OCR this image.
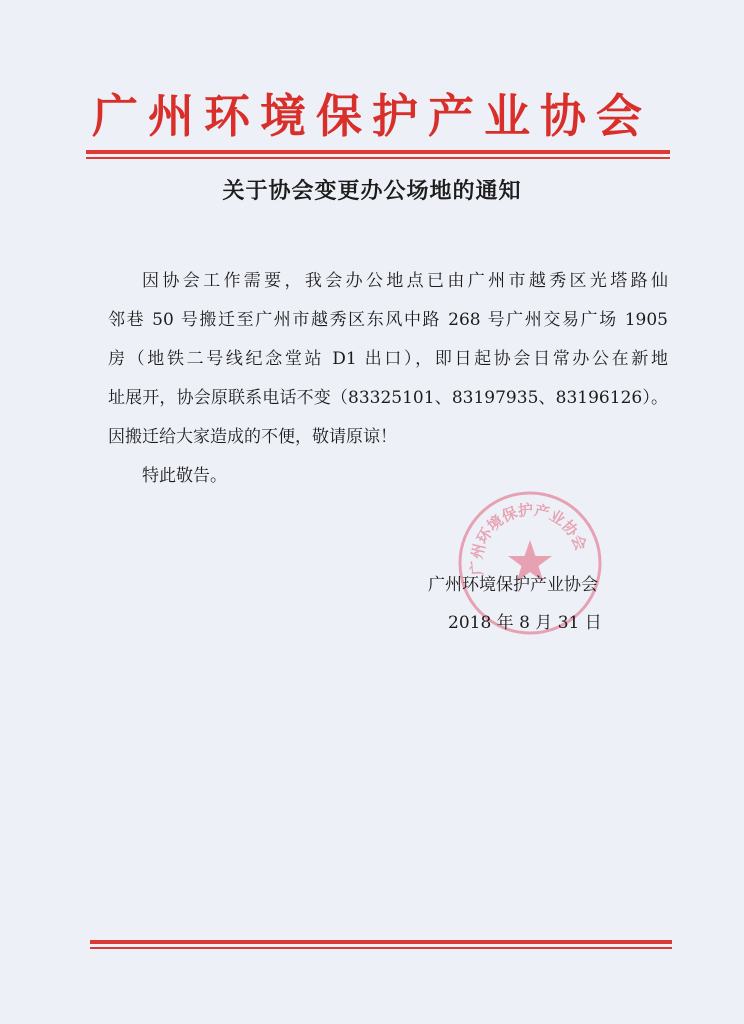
广州环境保护产业协会
关于协会变更办公场地的通知
因协会工作需要，我会办公地点已由广州市越秀区光塔路仙
邻巷 50 号搬迁至广州市越秀区东风中路 268 号广州交易广场 1905
房（地铁二号线纪念堂站 D1 出口），即日起协会日常办公在新地
址展开，协会原联系电话不变（83325101、83197935、83196126）。
因搬迁给大家造成的不便，敬请原谅！
特此敬告。
广州环境保护产业协会
广州环境保护产业协会
2018 年 8 月 31 日
